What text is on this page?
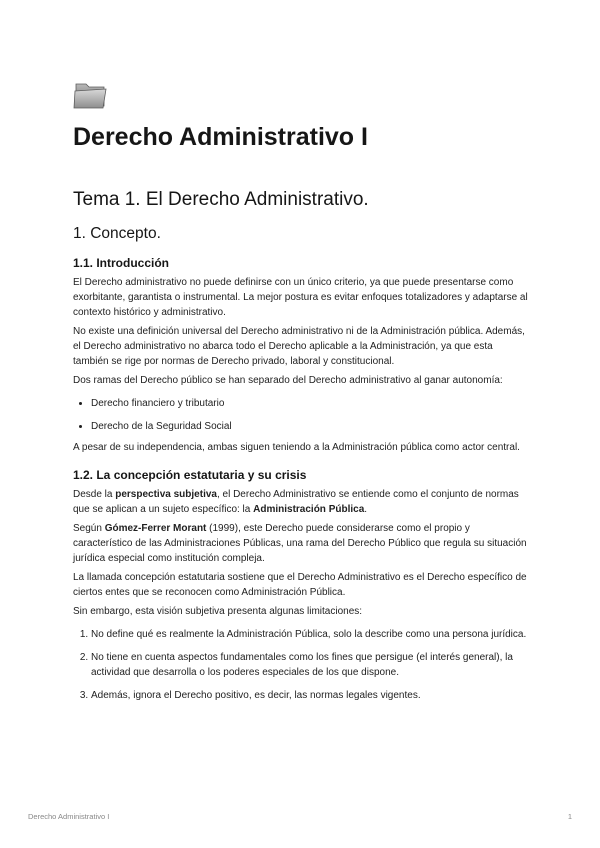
Derecho Administrativo I
Tema 1. El Derecho Administrativo.
1. Concepto.
1.1. Introducción

El Derecho administrativo no puede definirse con un único criterio, ya que puede presentarse como exorbitante, garantista o instrumental. La mejor postura es evitar enfoques totalizadores y adaptarse al contexto histórico y administrativo.

No existe una definición universal del Derecho administrativo ni de la Administración pública. Además, el Derecho administrativo no abarca todo el Derecho aplicable a la Administración, ya que esta también se rige por normas de Derecho privado, laboral y constitucional.

Dos ramas del Derecho público se han separado del Derecho administrativo al ganar autonomía:

• Derecho financiero y tributario
• Derecho de la Seguridad Social

A pesar de su independencia, ambas siguen teniendo a la Administración pública como actor central.

1.2. La concepción estatutaria y su crisis

Desde la perspectiva subjetiva, el Derecho Administrativo se entiende como el conjunto de normas que se aplican a un sujeto específico: la Administración Pública.

Según Gómez-Ferrer Morant (1999), este Derecho puede considerarse como el propio y característico de las Administraciones Públicas, una rama del Derecho Público que regula su situación jurídica especial como institución compleja.

La llamada concepción estatutaria sostiene que el Derecho Administrativo es el Derecho específico de ciertos entes que se reconocen como Administración Pública.

Sin embargo, esta visión subjetiva presenta algunas limitaciones:

1. No define qué es realmente la Administración Pública, solo la describe como una persona jurídica.
2. No tiene en cuenta aspectos fundamentales como los fines que persigue (el interés general), la actividad que desarrolla o los poderes especiales de los que dispone.
3. Además, ignora el Derecho positivo, es decir, las normas legales vigentes.
Derecho Administrativo I	1
